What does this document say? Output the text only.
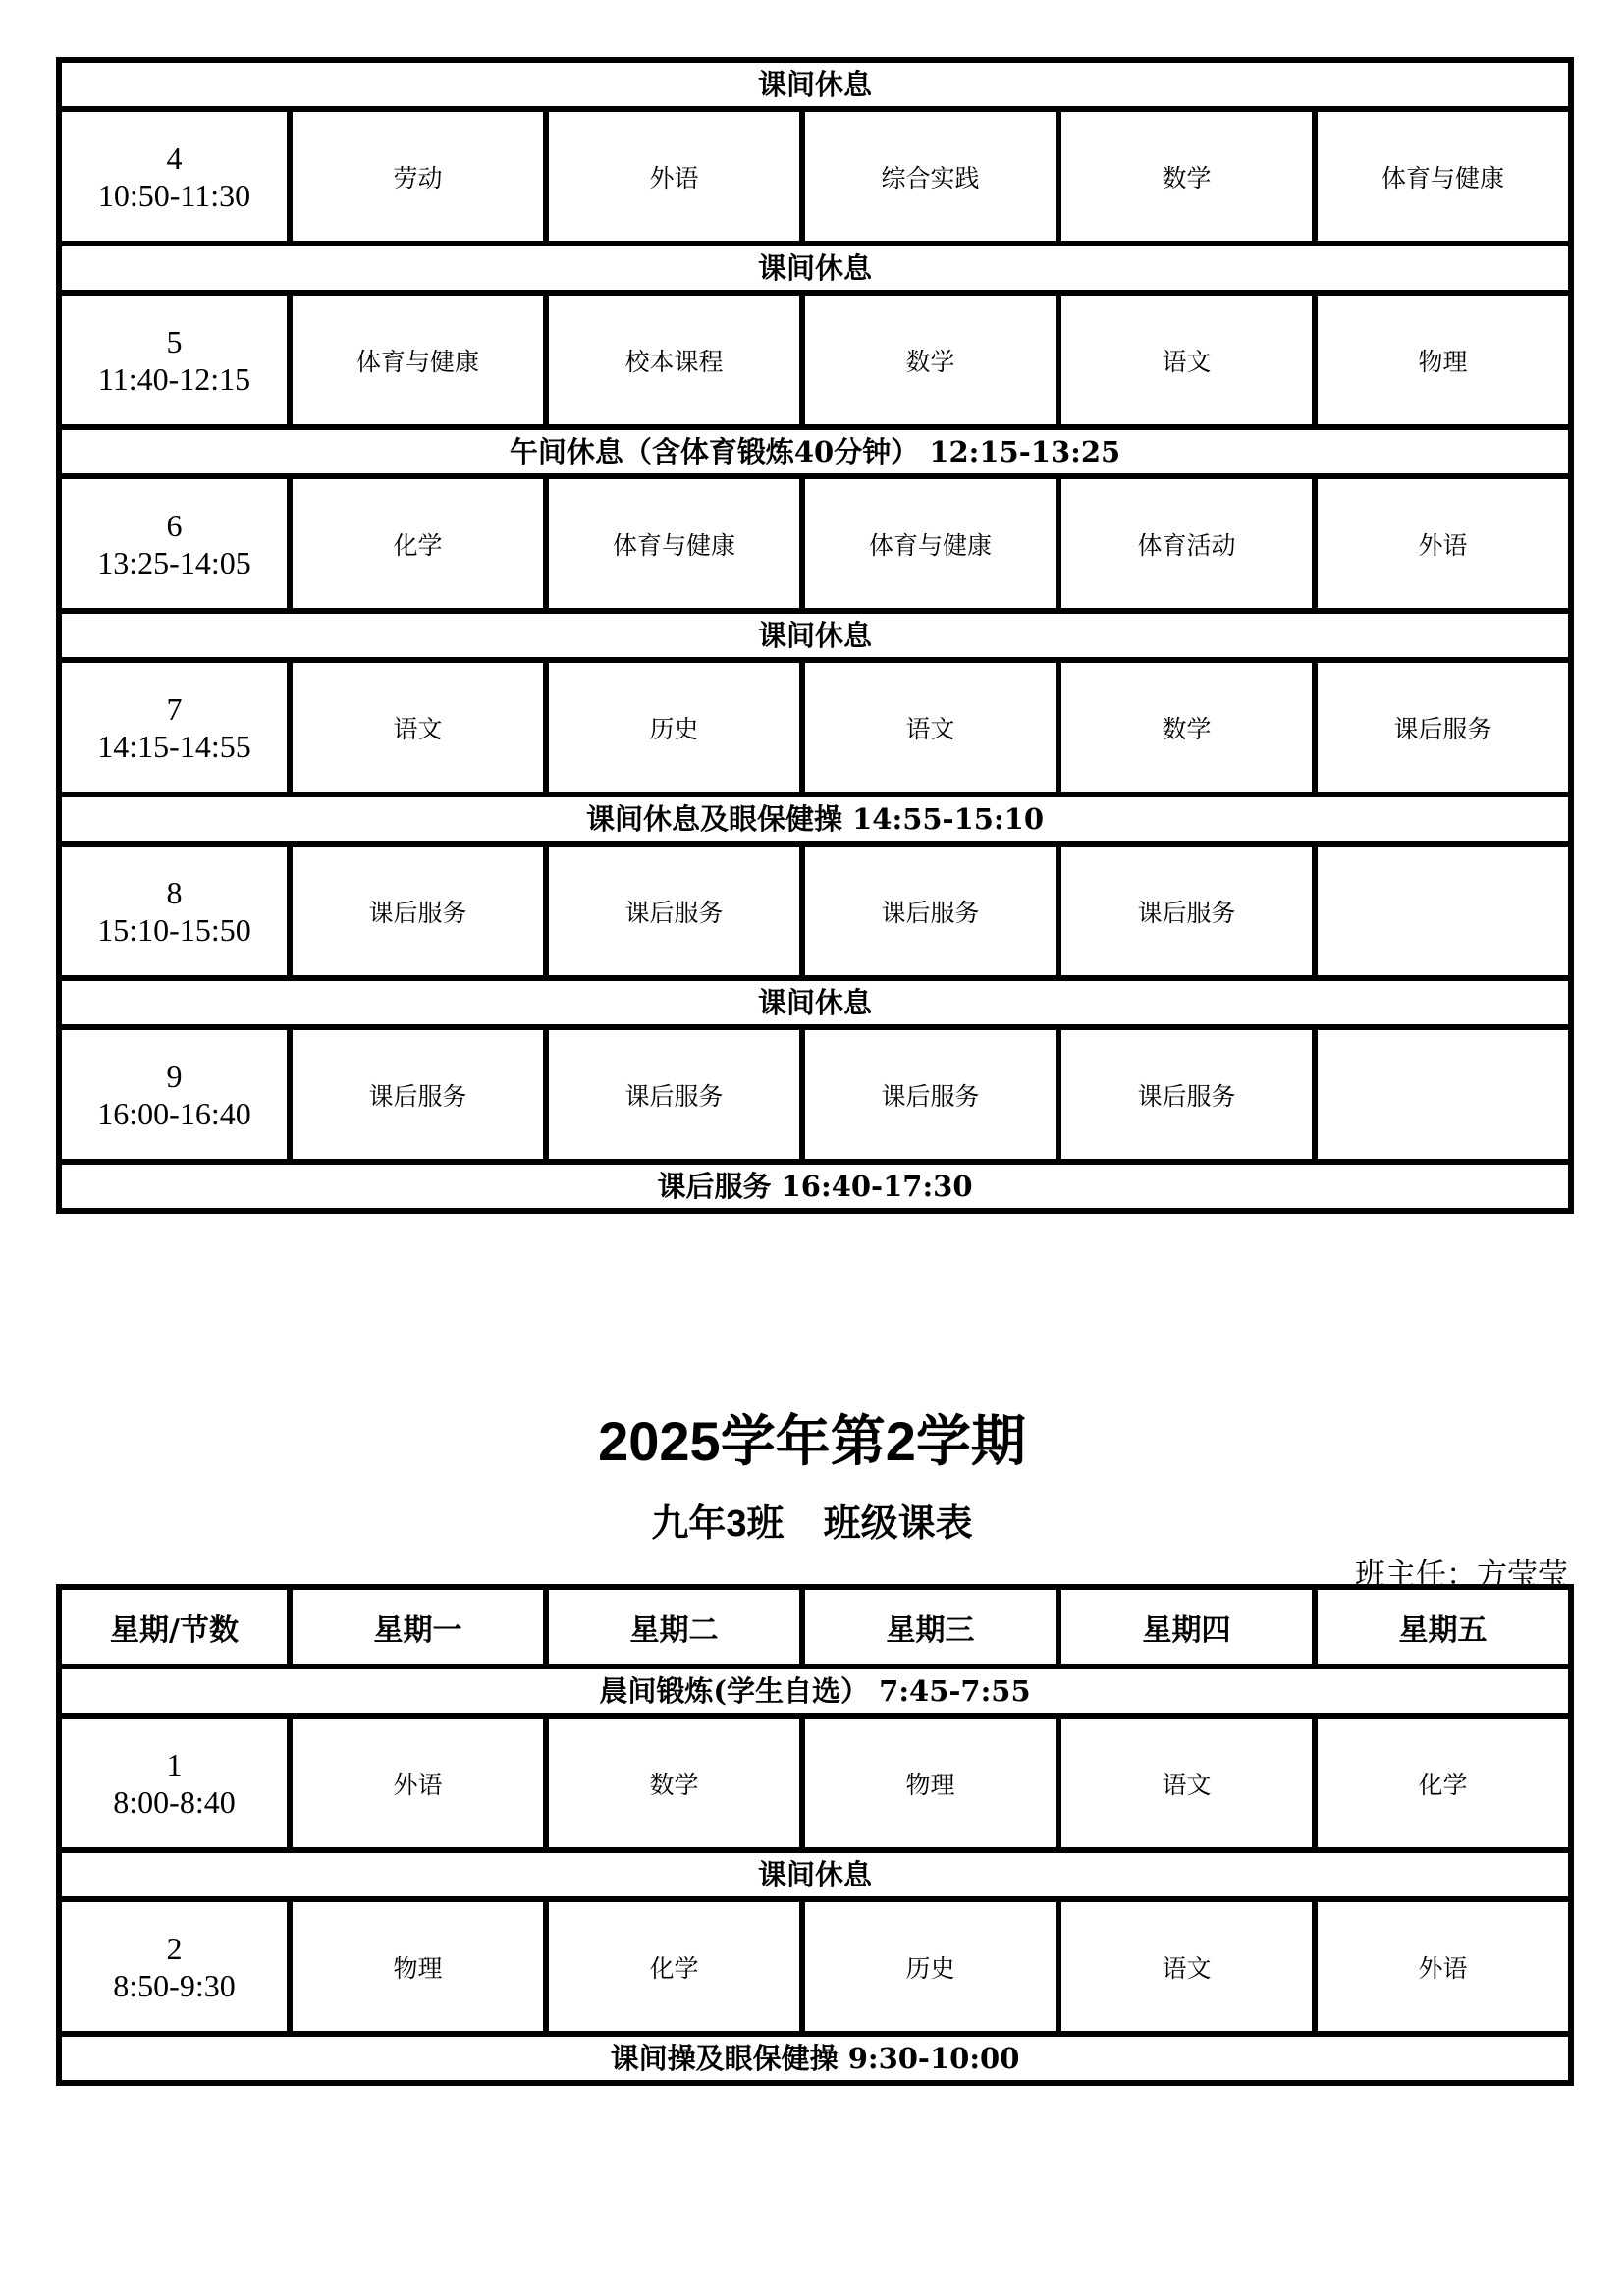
课间休息					
4
10:50-11:30	劳动	外语	综合实践	数学	体育与健康
课间休息					
5
11:40-12:15	体育与健康	校本课程	数学	语文	物理
午间休息（含体育锻炼40分钟） 12:15-13:25					
6
13:25-14:05	化学	体育与健康	体育与健康	体育活动	外语
课间休息					
7
14:15-14:55	语文	历史	语文	数学	课后服务
课间休息及眼保健操 14:55-15:10					
8
15:10-15:50	课后服务	课后服务	课后服务	课后服务	
课间休息					
9
16:00-16:40	课后服务	课后服务	课后服务	课后服务	
课后服务 16:40-17:30					
2025学年第2学期
九年3班 班级课表
班主任：方莹莹
星期/节数	星期一	星期二	星期三	星期四	星期五
晨间锻炼(学生自选） 7:45-7:55					
1
8:00-8:40	外语	数学	物理	语文	化学
课间休息					
2
8:50-9:30	物理	化学	历史	语文	外语
课间操及眼保健操 9:30-10:00					
